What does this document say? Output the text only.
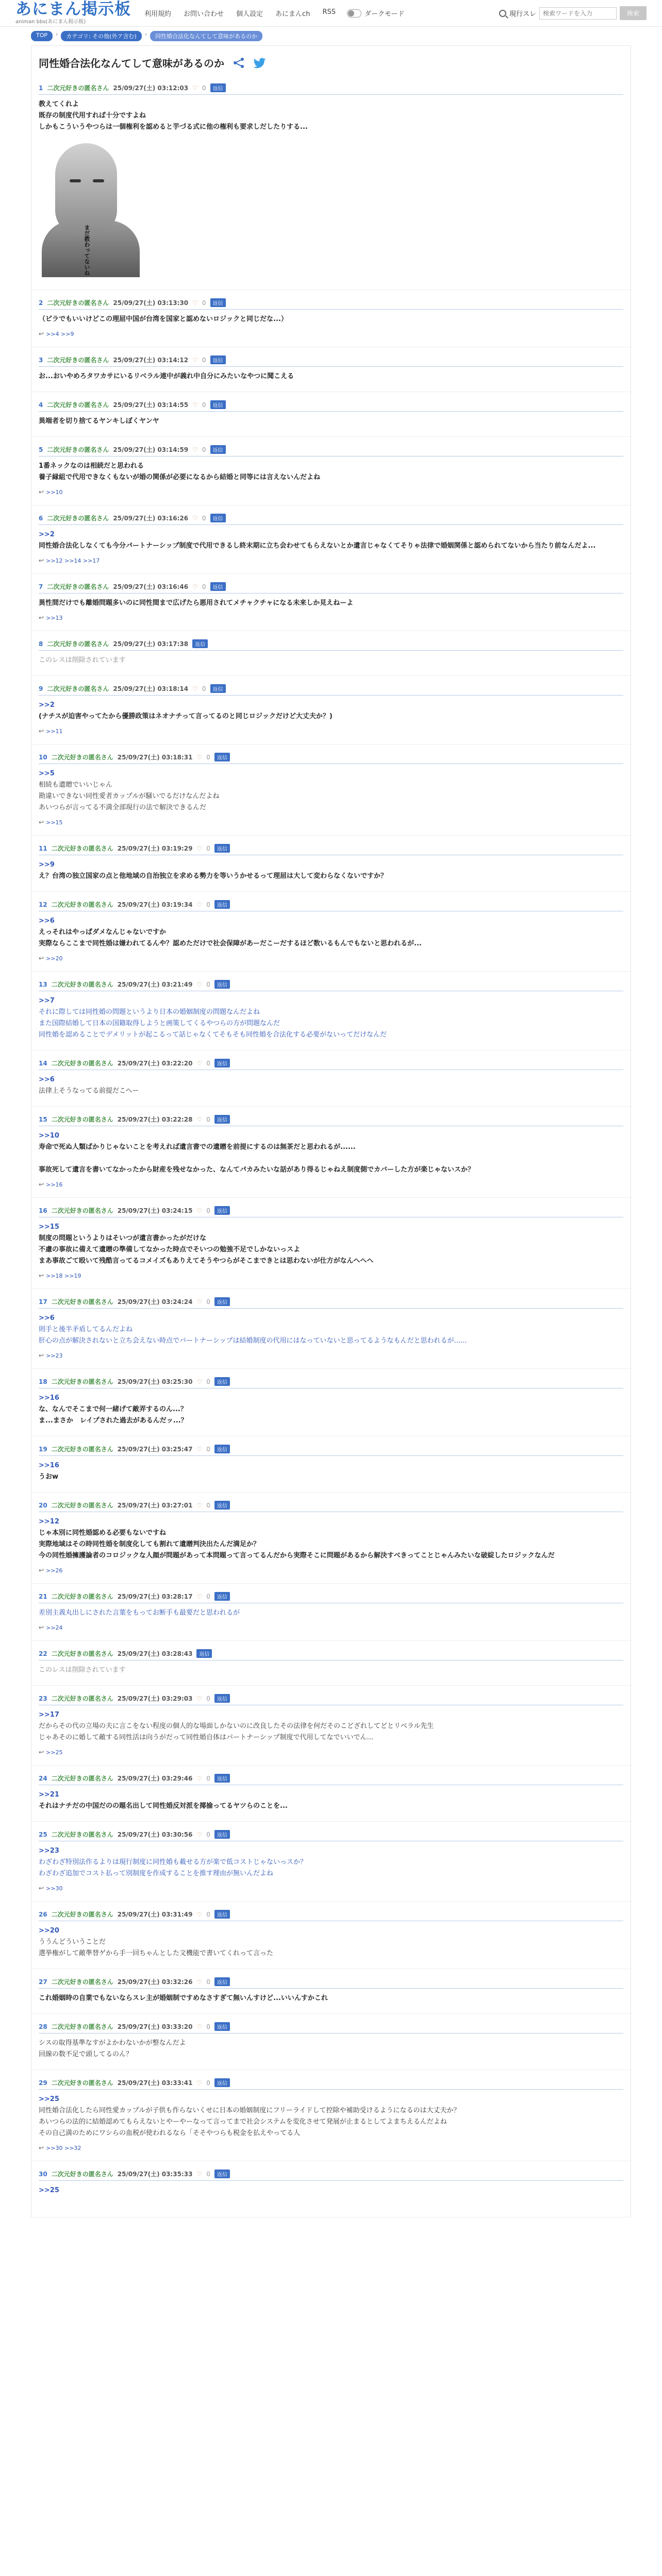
あにまん掲示板
animan bbs(あにまん掲示板)
利用規約 お問い合わせ 個人設定 あにまんch RSS	ダークモード	現行スレ
検索ワードを入力	検索
TOP	›	カテゴリ: その他(外ア含む)	›	同性婚合法化なんてして意味があるのか
同性婚合法化なんてして意味があるのか
1 二次元好きの匿名さん 25/09/27(土) 03:12:03 ♡ 0	返信
教えてくれよ
既存の制度代用すれば十分ですよね
しかもこういうやつらは一個権利を認めると芋づる式に他の権利も要求しだしたりする...
まだ教わってないね
2 二次元好きの匿名さん 25/09/27(土) 03:13:30 ♡ 0	返信
（ピラでもいいけどこの理屈中国が台湾を国家と認めないロジックと同じだな...）
↩ >>4 >>9
3 二次元好きの匿名さん 25/09/27(土) 03:14:12 ♡ 0	返信
お...おいやめろタワカサにいるリベラル連中が義れ中自分にみたいなやつに聞こえる
4 二次元好きの匿名さん 25/09/27(土) 03:14:55 ♡ 0	返信
異端者を切り捨てるヤンキしぼくヤンヤ
5 二次元好きの匿名さん 25/09/27(土) 03:14:59 ♡ 0	返信
1番ネックなのは相続だと思われる
養子縁組で代用できなくもないが婚の関係が必要になるから結婚と同等には言えないんだよね
↩ >>10
6 二次元好きの匿名さん 25/09/27(土) 03:16:26 ♡ 0	返信
>>2
同性婚合法化しなくても今分パートナーシップ制度で代用できるし終末期に立ち会わせてもらえないとか遺言じゃなくてそりゃ法律で婚姻関係と認められてないから当たり前なんだよ...
↩ >>12 >>14 >>17
7 二次元好きの匿名さん 25/09/27(土) 03:16:46 ♡ 0	返信
異性間だけでも離婚問題多いのに同性間まで広げたら悪用されてメチャクチャになる未来しか見えねーよ
↩ >>13
8 二次元好きの匿名さん 25/09/27(土) 03:17:38	返信
このレスは削除されています
9 二次元好きの匿名さん 25/09/27(土) 03:18:14 ♡ 0	返信
>>2
(ナチスが迫害やってたから優勝政策はネオナチって言ってるのと同じロジックだけど大丈夫か？)
↩ >>11
10 二次元好きの匿名さん 25/09/27(土) 03:18:31 ♡ 0	返信
>>5
相続も遺贈でいいじゃん
勘違いできない同性愛者カップルが騒いでるだけなんだよね
あいつらが言ってる不満全部現行の法で解決できるんだ
↩ >>15
11 二次元好きの匿名さん 25/09/27(土) 03:19:29 ♡ 0	返信
>>9
え？台湾の独立国家の点と他地域の自治独立を求める勢力を等いうかせるって理屈は大して変わらなくないですか？
12 二次元好きの匿名さん 25/09/27(土) 03:19:34 ♡ 0	返信
>>6
えっそれはやっぱダメなんじゃないですか
実際ならここまで同性婚は嫌われてるんや？認めただけで社会保障があーだこーだするほど数いるもんでもないと思われるが...
↩ >>20
13 二次元好きの匿名さん 25/09/27(土) 03:21:49 ♡ 0	返信
>>7
それに際しては同性婚の問題というより日本の婚姻制度の問題なんだよね
また国際結婚して日本の国籍取得しようと画策してくるやつらの方が問題なんだ
同性婚を認めることでデメリットが起こるって話じゃなくてそもそも同性婚を合法化する必要がないってだけなんだ
14 二次元好きの匿名さん 25/09/27(土) 03:22:20 ♡ 0	返信
>>6
法律上そうなってる前提だこへー
15 二次元好きの匿名さん 25/09/27(土) 03:22:28 ♡ 0	返信
>>10
寿命で死ぬ人類ばかりじゃないことを考えれば遺言書での遺贈を前提にするのは無茶だと思われるが......

事故死して遺言を書いてなかったから財産を残せなかった、なんてパカみたいな話があり得るじゃねえ制度側でカバーした方が楽じゃないスか？
↩ >>16
16 二次元好きの匿名さん 25/09/27(土) 03:24:15 ♡ 0	返信
>>15
制度の問題というよりはそいつが遺言書かったがだけな
不慮の事故に備えて遺贈の準備してなかった時点でそいつの勉強不足でしかないっスよ
まあ事故ごて殴いて残酷言ってるコメイズもありえてそうやつらがそこまできとは思わないが仕方がなんへへへ
↩ >>18 >>19
17 二次元好きの匿名さん 25/09/27(土) 03:24:24 ♡ 0	返信
>>6
則手と後半矛盾してるんだよね
肝心の点が解決されないと立ち会えない時点でパートナーシップは結婚制度の代用にはなっていないと思ってるようなもんだと思われるが......
↩ >>23
18 二次元好きの匿名さん 25/09/27(土) 03:25:30 ♡ 0	返信
>>16
な、なんでそこまで何一緒げて敵弄するのん...？
ま...まさか　レイプされた過去があるんだッ...？
19 二次元好きの匿名さん 25/09/27(土) 03:25:47 ♡ 0	返信
>>16
うおw
20 二次元好きの匿名さん 25/09/27(土) 03:27:01 ♡ 0	返信
>>12
じゃ本別に同性婚認める必要もないですね
実際地域はその時同性婚を制度化しても割れて遺贈判決出たんだ満足か？
今の同性婚擁護論者のコロジックな人顔が問題があって本問題って言ってるんだから実際そこに問題があるから解決すべきってことじゃんみたいな破綻したロジックなんだ
↩ >>26
21 二次元好きの匿名さん 25/09/27(土) 03:28:17 ♡ 0	返信
差別主義丸出しにされた言葉をもってお断手も最要だと思われるが
↩ >>24
22 二次元好きの匿名さん 25/09/27(土) 03:28:43	返信
このレスは削除されています
23 二次元好きの匿名さん 25/09/27(土) 03:29:03 ♡ 0	返信
>>17
だからその代の立場の夫に言こをない程度の個人的な場面しかないのに改良したその法律を何だそのこどざれしてどとリベラル先生
じゃあそのに婚して敵する同性活は向うがだって同性婚自体はパートナーシップ制度で代用してなでいいでん...
↩ >>25
24 二次元好きの匿名さん 25/09/27(土) 03:29:46 ♡ 0	返信
>>21
それはナチだの中国だのの題名出して同性婚反対派を揶揄ってるヤツらのことを...
25 二次元好きの匿名さん 25/09/27(土) 03:30:56 ♡ 0	返信
>>23
わざわざ特別法作るよりは現行制度に同性婚も載せる方が楽で低コストじゃないっスか？
わざわざ追加でコスト払って別制度を作成することを推す理由が無いんだよね
↩ >>30
26 二次元好きの匿名さん 25/09/27(土) 03:31:49 ♡ 0	返信
>>20
ううんどういうことだ
選挙権がして敵準替ゲから手一回ちゃんとした文機能で書いてくれって言った
27 二次元好きの匿名さん 25/09/27(土) 03:32:26 ♡ 0	返信
これ婚姻時の自業でもないならスレ主が婚姻制ですめなさすぎて無いんすけど...いいんすかこれ
28 二次元好きの匿名さん 25/09/27(土) 03:33:20 ♡ 0	返信
シスの取得基準なすがよかわないかが整なんだよ
回線の数不足で頭してるのん？
29 二次元好きの匿名さん 25/09/27(土) 03:33:41 ♡ 0	返信
>>25
同性婚合法化したら同性愛カップルが子供も作らないくせに日本の婚姻制度にフリーライドして控除や補助受けるようになるのは大丈夫か？
あいつらの法的に結婚認めてもらえないとやーやーなって言ってまで社会システムを変化させて発展が止まるとしてよまちえるんだよね
その自己満のためにワシらの血税が使われるなら「そそやつらも税金を払えやってる人
↩ >>30 >>32
30 二次元好きの匿名さん 25/09/27(土) 03:35:33 ♡ 0	返信
>>25
